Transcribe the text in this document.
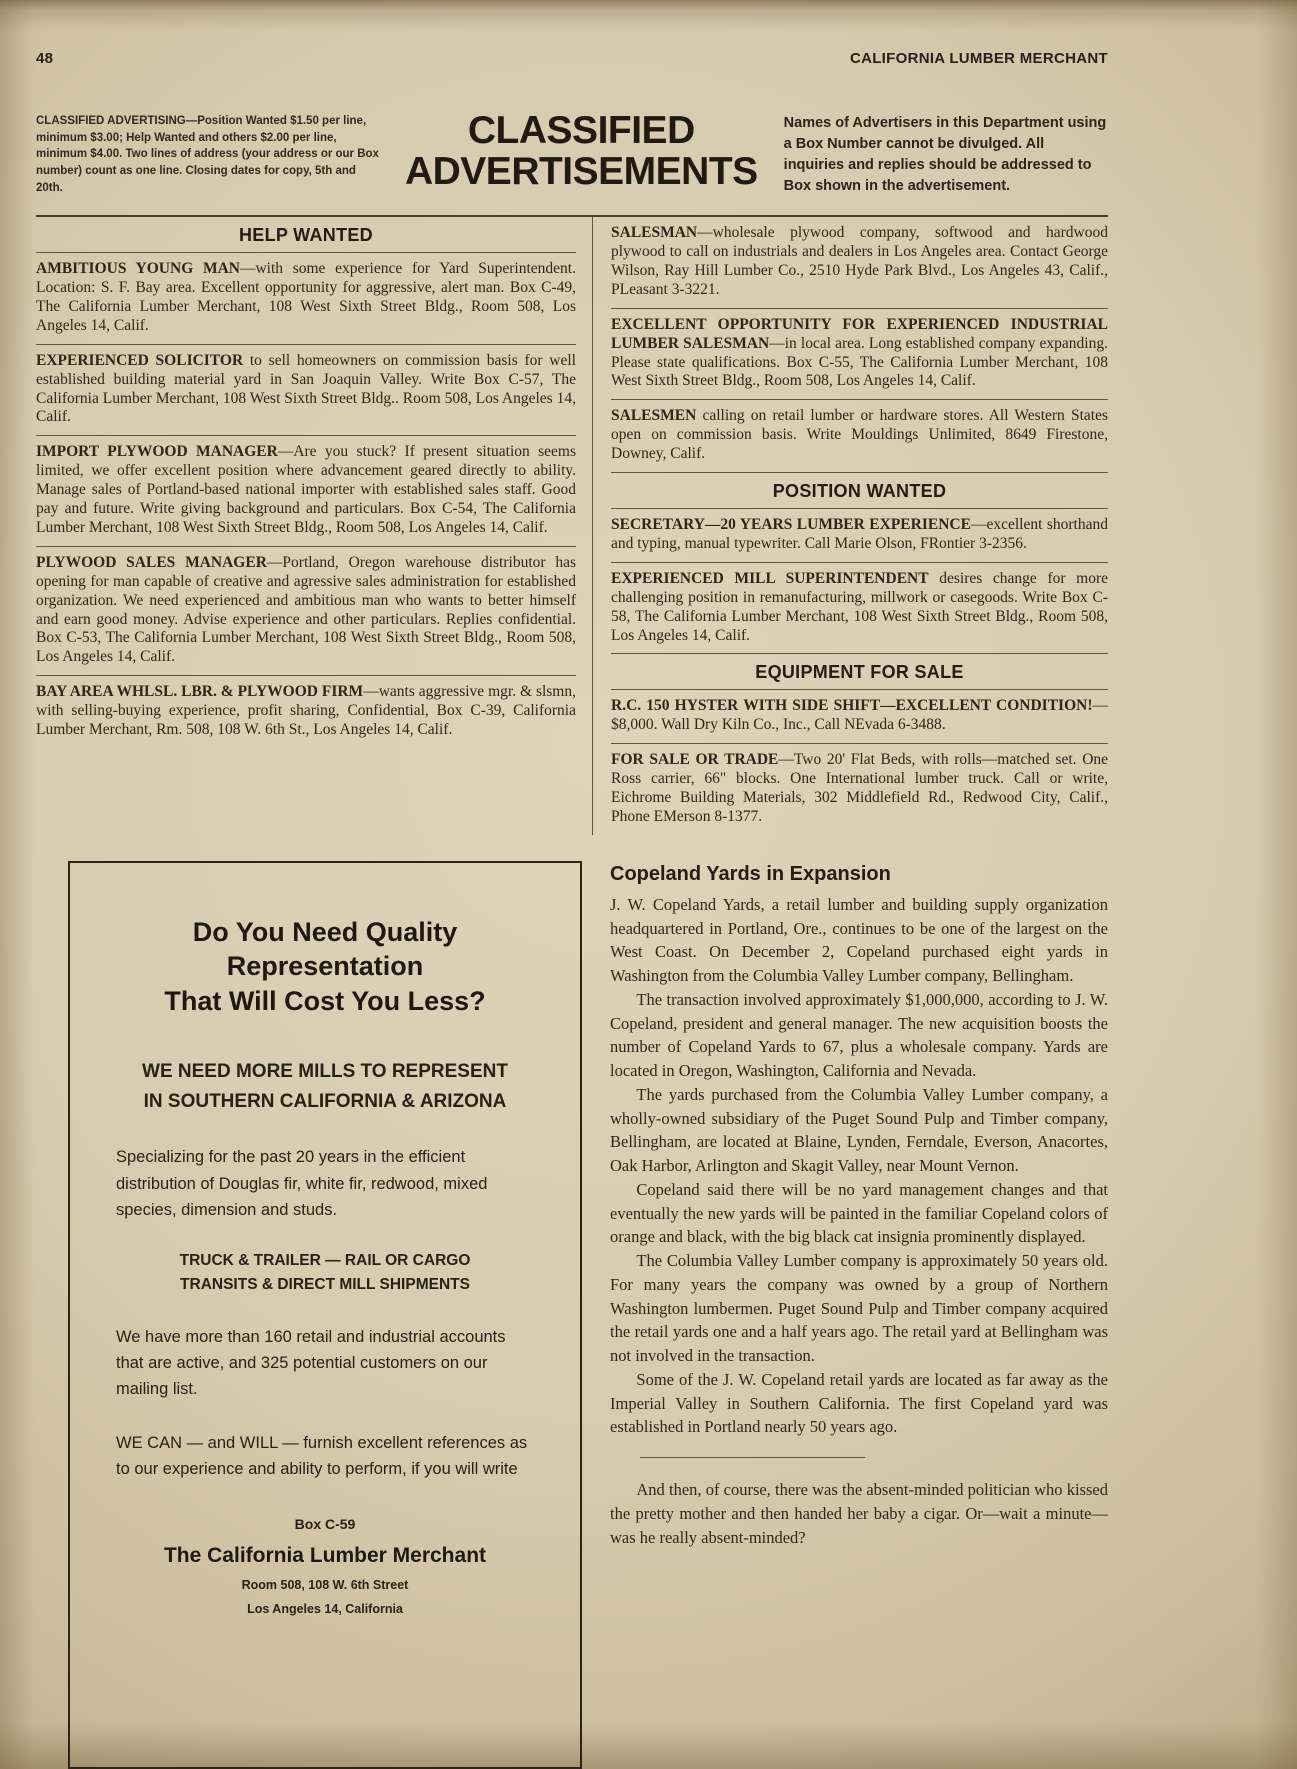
48	CALIFORNIA LUMBER MERCHANT
CLASSIFIED ADVERTISING—Position Wanted $1.50 per line, minimum $3.00; Help Wanted and others $2.00 per line, minimum $4.00. Two lines of address (your address or our Box number) count as one line. Closing dates for copy, 5th and 20th.
CLASSIFIED
ADVERTISEMENTS
Names of Advertisers in this Department using a Box Number cannot be divulged. All inquiries and replies should be addressed to Box shown in the advertisement.
HELP WANTED
AMBITIOUS YOUNG MAN—with some experience for Yard Superintendent. Location: S. F. Bay area. Excellent opportunity for aggressive, alert man. Box C-49, The California Lumber Merchant, 108 West Sixth Street Bldg., Room 508, Los Angeles 14, Calif.
EXPERIENCED SOLICITOR to sell homeowners on commission basis for well established building material yard in San Joaquin Valley. Write Box C-57, The California Lumber Merchant, 108 West Sixth Street Bldg.. Room 508, Los Angeles 14, Calif.
IMPORT PLYWOOD MANAGER—Are you stuck? If present situation seems limited, we offer excellent position where advancement geared directly to ability. Manage sales of Portland-based national importer with established sales staff. Good pay and future. Write giving background and particulars. Box C-54, The California Lumber Merchant, 108 West Sixth Street Bldg., Room 508, Los Angeles 14, Calif.
PLYWOOD SALES MANAGER—Portland, Oregon warehouse distributor has opening for man capable of creative and agressive sales administration for established organization. We need experienced and ambitious man who wants to better himself and earn good money. Advise experience and other particulars. Replies confidential. Box C-53, The California Lumber Merchant, 108 West Sixth Street Bldg., Room 508, Los Angeles 14, Calif.
BAY AREA WHLSL. LBR. & PLYWOOD FIRM—wants aggressive mgr. & slsmn, with selling-buying experience, profit sharing, Confidential, Box C-39, California Lumber Merchant, Rm. 508, 108 W. 6th St., Los Angeles 14, Calif.
SALESMAN—wholesale plywood company, softwood and hardwood plywood to call on industrials and dealers in Los Angeles area. Contact George Wilson, Ray Hill Lumber Co., 2510 Hyde Park Blvd., Los Angeles 43, Calif., PLeasant 3-3221.
EXCELLENT OPPORTUNITY FOR EXPERIENCED INDUSTRIAL LUMBER SALESMAN—in local area. Long established company expanding. Please state qualifications. Box C-55, The California Lumber Merchant, 108 West Sixth Street Bldg., Room 508, Los Angeles 14, Calif.
SALESMEN calling on retail lumber or hardware stores. All Western States open on commission basis. Write Mouldings Unlimited, 8649 Firestone, Downey, Calif.
POSITION WANTED
SECRETARY—20 YEARS LUMBER EXPERIENCE—excellent shorthand and typing, manual typewriter. Call Marie Olson, FRontier 3-2356.
EXPERIENCED MILL SUPERINTENDENT desires change for more challenging position in remanufacturing, millwork or casegoods. Write Box C-58, The California Lumber Merchant, 108 West Sixth Street Bldg., Room 508, Los Angeles 14, Calif.
EQUIPMENT FOR SALE
R.C. 150 HYSTER WITH SIDE SHIFT—EXCELLENT CONDITION!—$8,000. Wall Dry Kiln Co., Inc., Call NEvada 6-3488.
FOR SALE OR TRADE—Two 20' Flat Beds, with rolls—matched set. One Ross carrier, 66" blocks. One International lumber truck. Call or write, Eichrome Building Materials, 302 Middlefield Rd., Redwood City, Calif., Phone EMerson 8-1377.
Do You Need Quality Representation
That Will Cost You Less?
WE NEED MORE MILLS TO REPRESENT
IN SOUTHERN CALIFORNIA & ARIZONA

Specializing for the past 20 years in the efficient distribution of Douglas fir, white fir, redwood, mixed species, dimension and studs.

TRUCK & TRAILER — RAIL OR CARGO
TRANSITS & DIRECT MILL SHIPMENTS

We have more than 160 retail and industrial accounts that are active, and 325 potential customers on our mailing list.

WE CAN — and WILL — furnish excellent references as to our experience and ability to perform, if you will write

Box C-59
The California Lumber Merchant
Room 508, 108 W. 6th Street
Los Angeles 14, California
Copeland Yards in Expansion

J. W. Copeland Yards, a retail lumber and building supply organization headquartered in Portland, Ore., continues to be one of the largest on the West Coast. On December 2, Copeland purchased eight yards in Washington from the Columbia Valley Lumber company, Bellingham.

The transaction involved approximately $1,000,000, according to J. W. Copeland, president and general manager. The new acquisition boosts the number of Copeland Yards to 67, plus a wholesale company. Yards are located in Oregon, Washington, California and Nevada.

The yards purchased from the Columbia Valley Lumber company, a wholly-owned subsidiary of the Puget Sound Pulp and Timber company, Bellingham, are located at Blaine, Lynden, Ferndale, Everson, Anacortes, Oak Harbor, Arlington and Skagit Valley, near Mount Vernon.

Copeland said there will be no yard management changes and that eventually the new yards will be painted in the familiar Copeland colors of orange and black, with the big black cat insignia prominently displayed.

The Columbia Valley Lumber company is approximately 50 years old. For many years the company was owned by a group of Northern Washington lumbermen. Puget Sound Pulp and Timber company acquired the retail yards one and a half years ago. The retail yard at Bellingham was not involved in the transaction.

Some of the J. W. Copeland retail yards are located as far away as the Imperial Valley in Southern California. The first Copeland yard was established in Portland nearly 50 years ago.

And then, of course, there was the absent-minded politician who kissed the pretty mother and then handed her baby a cigar. Or—wait a minute—was he really absent-minded?
